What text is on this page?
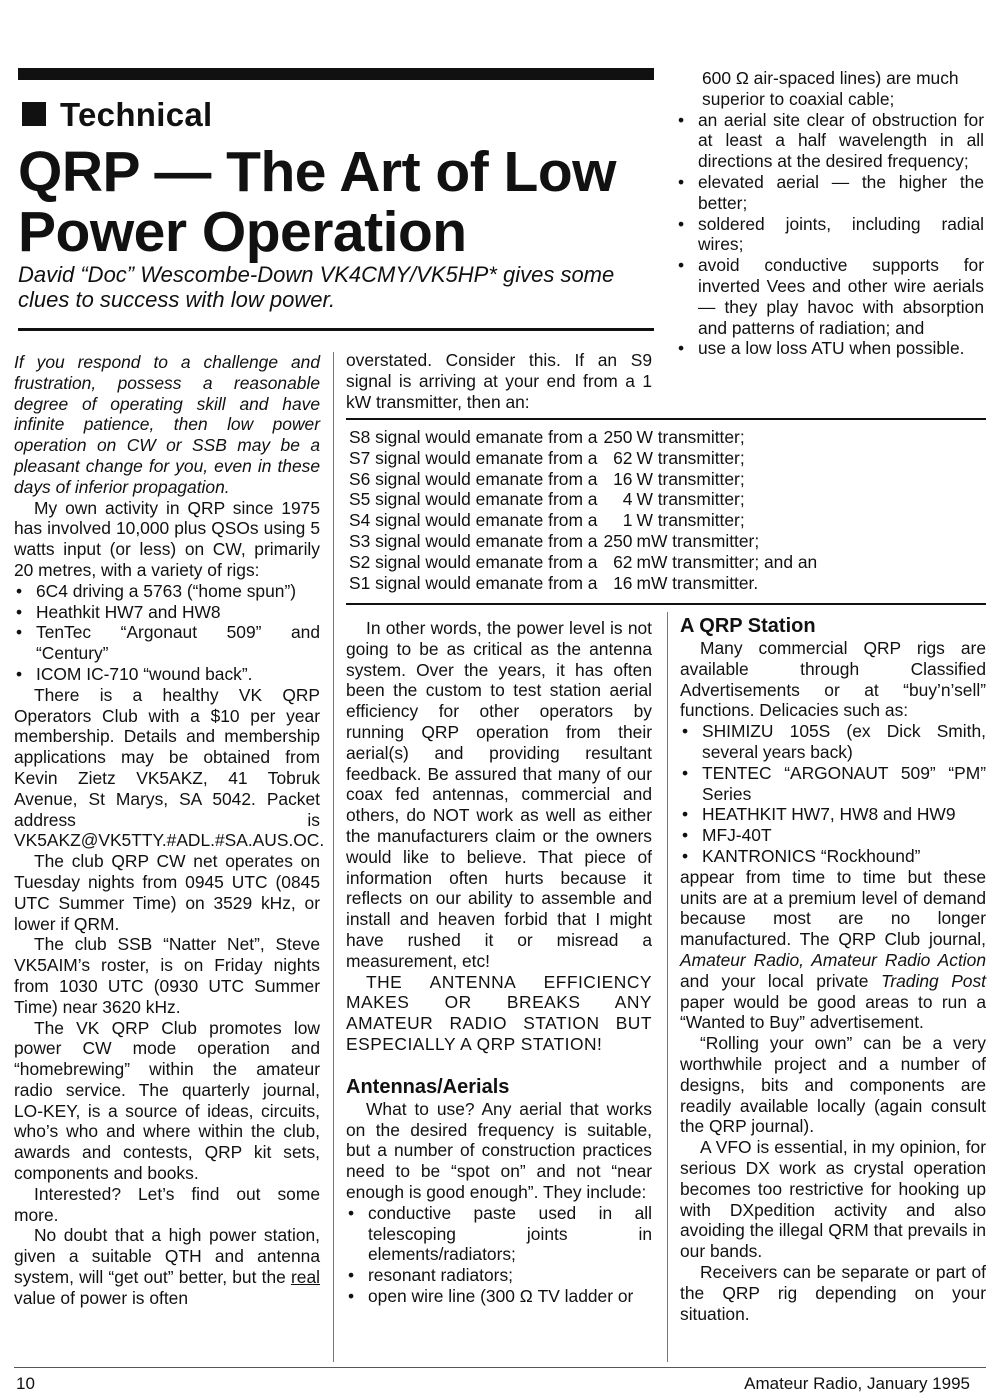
Technical
QRP — The Art of Low
Power Operation
David “Doc” Wescombe-Down VK4CMY/VK5HP* gives some clues to success with low power.

600 Ω air-spaced lines) are much superior to coaxial cable;

• an aerial site clear of obstruction for at least a half wavelength in all directions at the desired frequency;
• elevated aerial — the higher the better;
• soldered joints, including radial wires;
• avoid conductive supports for inverted Vees and other wire aerials — they play havoc with absorption and patterns of radiation; and
• use a low loss ATU when possible.

If you respond to a challenge and frustration, possess a reasonable degree of operating skill and have infinite patience, then low power operation on CW or SSB may be a pleasant change for you, even in these days of inferior propagation.

My own activity in QRP since 1975 has involved 10,000 plus QSOs using 5 watts input (or less) on CW, primarily 20 metres, with a variety of rigs:

• 6C4 driving a 5763 (“home spun”)
• Heathkit HW7 and HW8
• TenTec “Argonaut 509” and “Century”
• ICOM IC-710 “wound back”.

There is a healthy VK QRP Operators Club with a $10 per year membership. Details and membership applications may be obtained from Kevin Zietz VK5AKZ, 41 Tobruk Avenue, St Marys, SA 5042. Packet address is VK5AKZ@VK5TTY.#ADL.#SA.AUS.OC.

The club QRP CW net operates on Tuesday nights from 0945 UTC (0845 UTC Summer Time) on 3529 kHz, or lower if QRM.

The club SSB “Natter Net”, Steve VK5AIM’s roster, is on Friday nights from 1030 UTC (0930 UTC Summer Time) near 3620 kHz.

The VK QRP Club promotes low power CW mode operation and “homebrewing” within the amateur radio service. The quarterly journal, LO-KEY, is a source of ideas, circuits, who’s who and where within the club, awards and contests, QRP kit sets, components and books.

Interested? Let’s find out some more.

No doubt that a high power station, given a suitable QTH and antenna system, will “get out” better, but the real value of power is often

overstated. Consider this. If an S9 signal is arriving at your end from a 1 kW transmitter, then an:

S8 signal would emanate from a	250	W transmitter;
S7 signal would emanate from a	62	W transmitter;
S6 signal would emanate from a	16	W transmitter;
S5 signal would emanate from a	4	W transmitter;
S4 signal would emanate from a	1	W transmitter;
S3 signal would emanate from a	250	mW transmitter;
S2 signal would emanate from a	62	mW transmitter; and an
S1 signal would emanate from a	16	mW transmitter.

In other words, the power level is not going to be as critical as the antenna system. Over the years, it has often been the custom to test station aerial efficiency for other operators by running QRP operation from their aerial(s) and providing resultant feedback. Be assured that many of our coax fed antennas, commercial and others, do NOT work as well as either the manufacturers claim or the owners would like to believe. That piece of information often hurts because it reflects on our ability to assemble and install and heaven forbid that I might have rushed it or misread a measurement, etc!

THE ANTENNA EFFICIENCY MAKES OR BREAKS ANY AMATEUR RADIO STATION BUT ESPECIALLY A QRP STATION!

Antennas/Aerials

What to use? Any aerial that works on the desired frequency is suitable, but a number of construction practices need to be “spot on” and not “near enough is good enough”. They include:

• conductive paste used in all telescoping joints in elements/radiators;
• resonant radiators;
• open wire line (300 Ω TV ladder or
A QRP Station

Many commercial QRP rigs are available through Classified Advertisements or at “buy’n’sell” functions. Delicacies such as:

• SHIMIZU 105S (ex Dick Smith, several years back)
• TENTEC “ARGONAUT 509” “PM” Series
• HEATHKIT HW7, HW8 and HW9
• MFJ-40T
• KANTRONICS “Rockhound”

appear from time to time but these units are at a premium level of demand because most are no longer manufactured. The QRP Club journal, Amateur Radio, Amateur Radio Action and your local private Trading Post paper would be good areas to run a “Wanted to Buy” advertisement.

“Rolling your own” can be a very worthwhile project and a number of designs, bits and components are readily available locally (again consult the QRP journal).

A VFO is essential, in my opinion, for serious DX work as crystal operation becomes too restrictive for hooking up with DXpedition activity and also avoiding the illegal QRM that prevails in our bands.

Receivers can be separate or part of the QRP rig depending on your situation.

10	Amateur Radio, January 1995
